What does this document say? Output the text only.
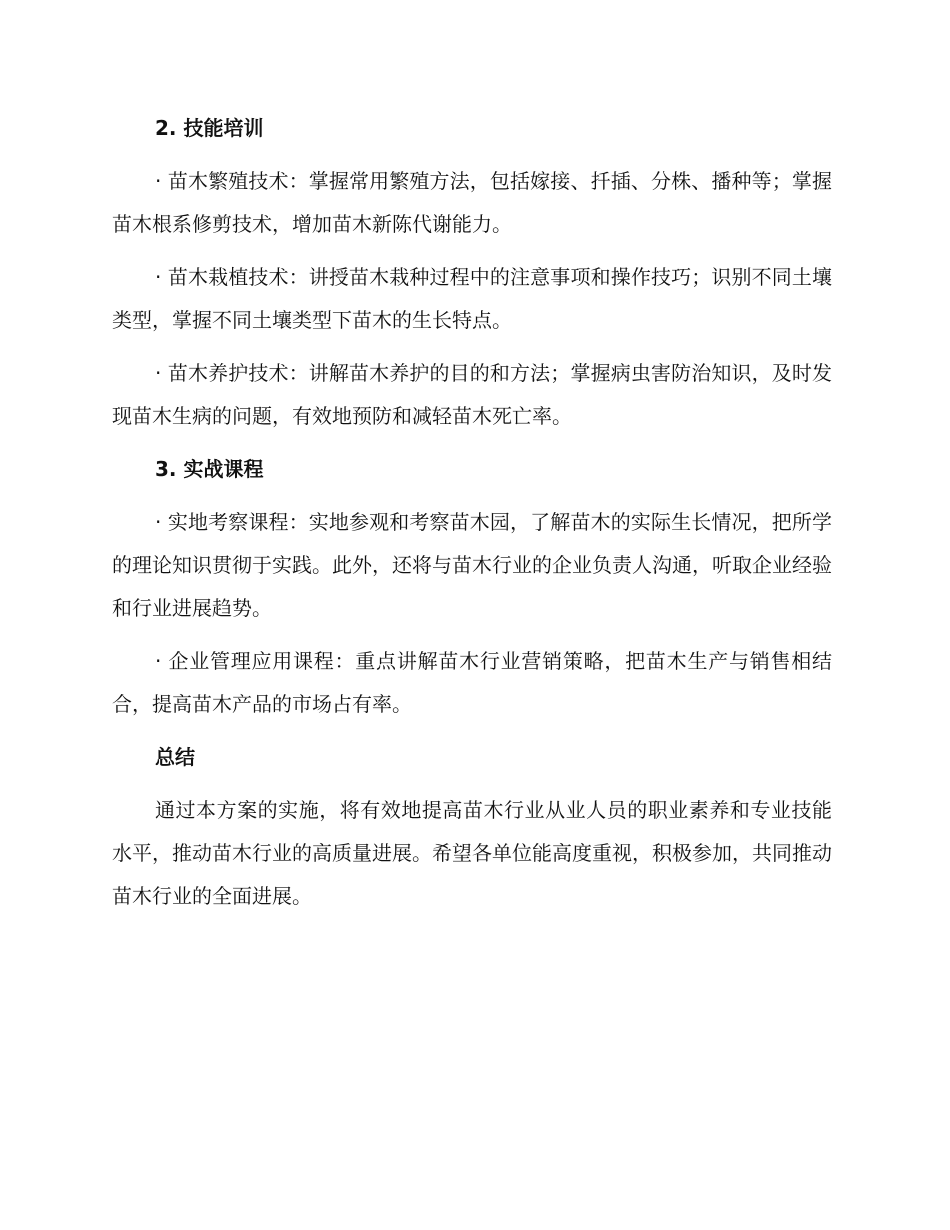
2. 技能培训
· 苗木繁殖技术：掌握常用繁殖方法，包括嫁接、扦插、分株、播种等；掌握苗木根系修剪技术，增加苗木新陈代谢能力。
· 苗木栽植技术：讲授苗木栽种过程中的注意事项和操作技巧；识别不同土壤类型，掌握不同土壤类型下苗木的生长特点。
· 苗木养护技术：讲解苗木养护的目的和方法；掌握病虫害防治知识，及时发现苗木生病的问题，有效地预防和减轻苗木死亡率。
3. 实战课程
· 实地考察课程：实地参观和考察苗木园，了解苗木的实际生长情况，把所学的理论知识贯彻于实践。此外，还将与苗木行业的企业负责人沟通，听取企业经验和行业进展趋势。
· 企业管理应用课程：重点讲解苗木行业营销策略，把苗木生产与销售相结合，提高苗木产品的市场占有率。
总结
通过本方案的实施，将有效地提高苗木行业从业人员的职业素养和专业技能水平，推动苗木行业的高质量进展。希望各单位能高度重视，积极参加，共同推动苗木行业的全面进展。
